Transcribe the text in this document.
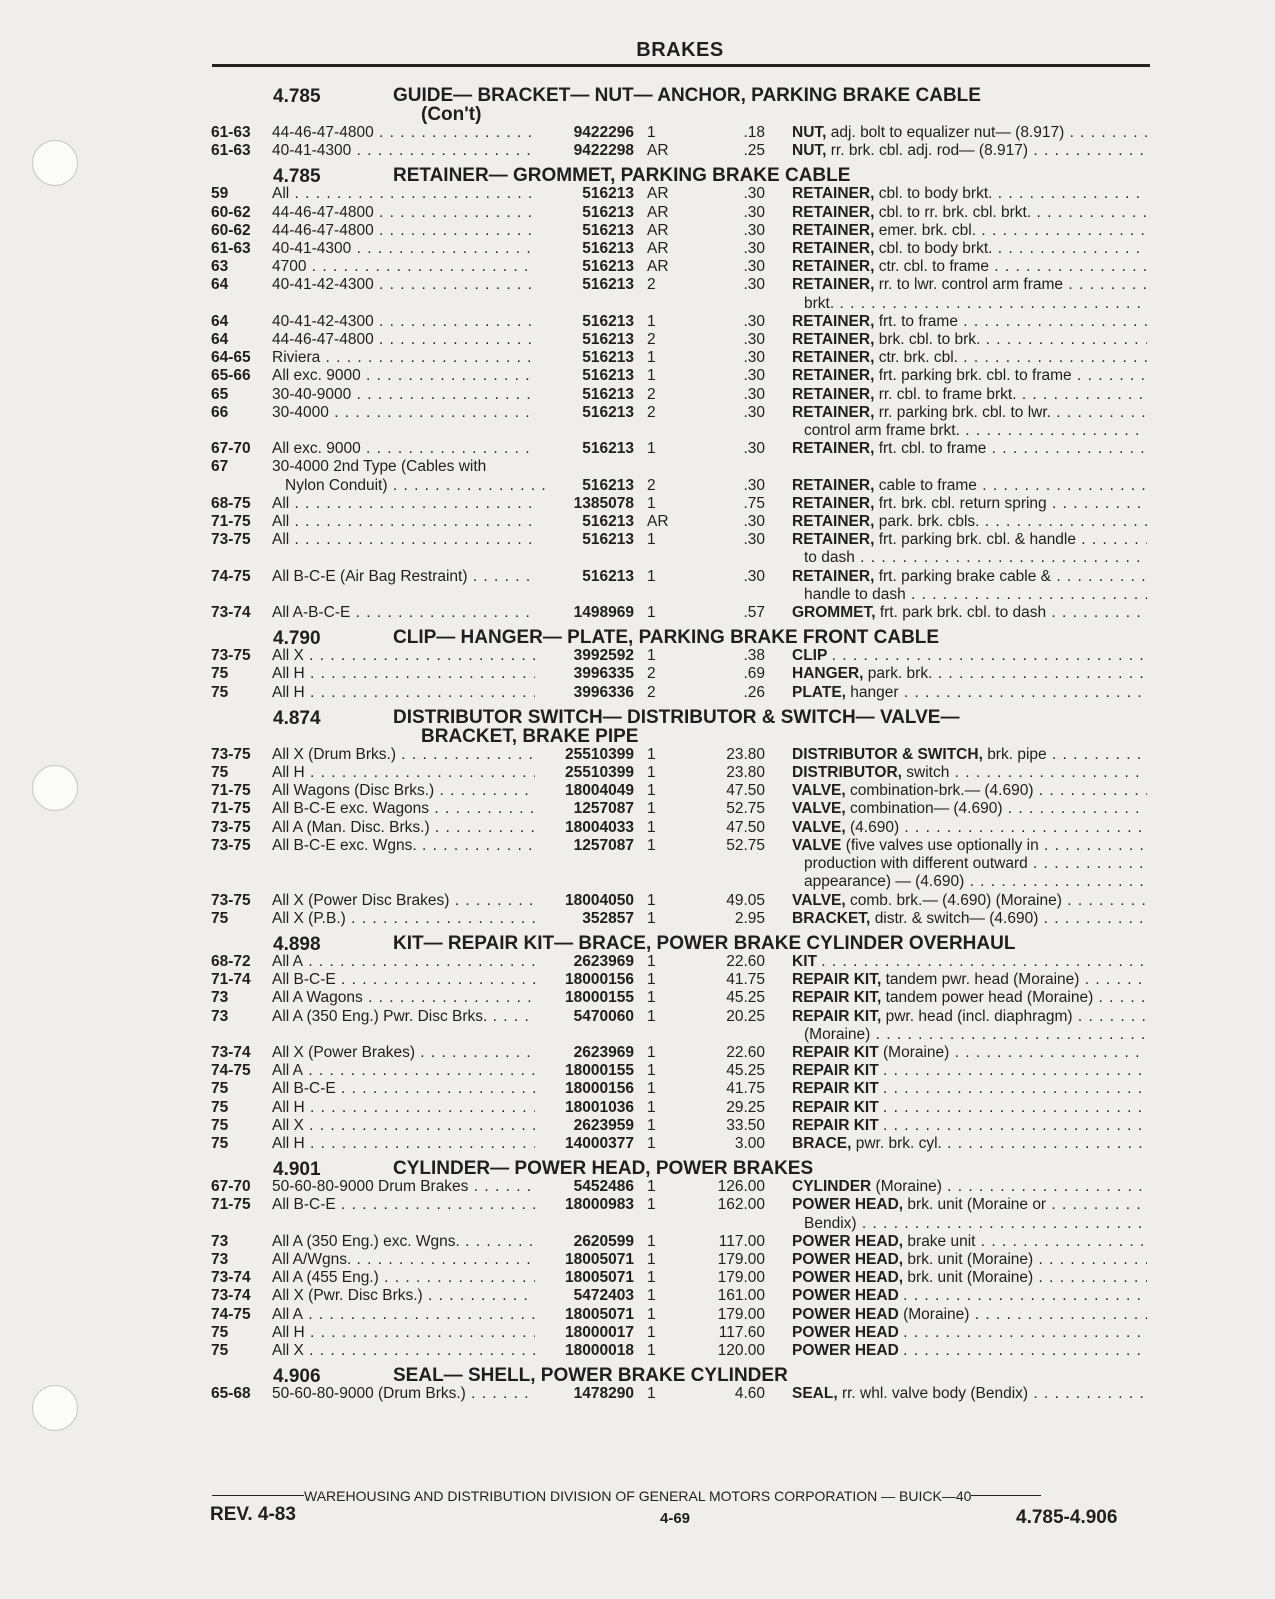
BRAKES
4.785	GUIDE— BRACKET— NUT— ANCHOR, PARKING BRAKE CABLE
(Con't)
61-63	44-46-47-4800 . . .	9422296 1	.18 NUT, adj. bolt to equalizer nut— (8.917) . . .
61-63	40-41-4300 . . .	9422298 AR	.25 NUT, rr. brk. cbl. adj. rod— (8.917) . . .
4.785	RETAINER— GROMMET, PARKING BRAKE CABLE
59	All . . .	516213 AR	.30 RETAINER, cbl. to body brkt. . . .
60-62	44-46-47-4800 . . .	516213 AR	.30 RETAINER, cbl. to rr. brk. cbl. brkt. . . .
60-62	44-46-47-4800 . . .	516213 AR	.30 RETAINER, emer. brk. cbl. . . .
61-63	40-41-4300 . . .	516213 AR	.30 RETAINER, cbl. to body brkt. . . .
63	4700 . . .	516213 AR	.30 RETAINER, ctr. cbl. to frame . . .
64	40-41-42-4300 . . .	516213 2	.30 RETAINER, rr. to lwr. control arm frame . . .
brkt. . . .
64	40-41-42-4300 . . .	516213 1	.30 RETAINER, frt. to frame . . .
64	44-46-47-4800 . . .	516213 2	.30 RETAINER, brk. cbl. to brk. . . .
64-65	Riviera . . .	516213 1	.30 RETAINER, ctr. brk. cbl. . . .
65-66	All exc. 9000 . . .	516213 1	.30 RETAINER, frt. parking brk. cbl. to frame . . .
65	30-40-9000 . . .	516213 2	.30 RETAINER, rr. cbl. to frame brkt. . . .
66	30-4000 . . .	516213 2	.30 RETAINER, rr. parking brk. cbl. to lwr. . . .
control arm frame brkt. . . .
67-70	All exc. 9000 . . .	516213 1	.30 RETAINER, frt. cbl. to frame . . .
67	30-4000 2nd Type (Cables with
Nylon Conduit) . . .	516213 2	.30 RETAINER, cable to frame . . .
68-75	All . . .	1385078 1	.75 RETAINER, frt. brk. cbl. return spring . . .
71-75	All . . .	516213 AR	.30 RETAINER, park. brk. cbls. . . .
73-75	All . . .	516213 1	.30 RETAINER, frt. parking brk. cbl. & handle . . .
to dash . . .
74-75	All B-C-E (Air Bag Restraint) . . .	516213 1	.30 RETAINER, frt. parking brake cable & . . .
handle to dash . . .
73-74	All A-B-C-E . . .	1498969 1	.57 GROMMET, frt. park brk. cbl. to dash . . .
4.790	CLIP— HANGER— PLATE, PARKING BRAKE FRONT CABLE
73-75	All X . . .	3992592 1	.38 CLIP . . .
75	All H . . .	3996335 2	.69 HANGER, park. brk. . . .
75	All H . . .	3996336 2	.26 PLATE, hanger . . .
4.874	DISTRIBUTOR SWITCH— DISTRIBUTOR & SWITCH— VALVE—
BRACKET, BRAKE PIPE
73-75	All X (Drum Brks.) . . .	25510399 1	23.80 DISTRIBUTOR & SWITCH, brk. pipe . . .
75	All H . . .	25510399 1	23.80 DISTRIBUTOR, switch . . .
71-75	All Wagons (Disc Brks.) . . .	18004049 1	47.50 VALVE, combination-brk.— (4.690) . . .
71-75	All B-C-E exc. Wagons . . .	1257087 1	52.75 VALVE, combination— (4.690) . . .
73-75	All A (Man. Disc. Brks.) . . .	18004033 1	47.50 VALVE, (4.690) . . .
73-75	All B-C-E exc. Wgns. . . .	1257087 1	52.75 VALVE (five valves use optionally in . . .
production with different outward . . .
appearance) — (4.690) . . .
73-75	All X (Power Disc Brakes) . . .	18004050 1	49.05 VALVE, comb. brk.— (4.690) (Moraine) . . .
75	All X (P.B.) . . .	352857 1	2.95 BRACKET, distr. & switch— (4.690) . . .
4.898	KIT— REPAIR KIT— BRACE, POWER BRAKE CYLINDER OVERHAUL
68-72	All A . . .	2623969 1	22.60 KIT . . .
71-74	All B-C-E . . .	18000156 1	41.75 REPAIR KIT, tandem pwr. head (Moraine) . . .
73	All A Wagons . . .	18000155 1	45.25 REPAIR KIT, tandem power head (Moraine) . . .
73	All A (350 Eng.) Pwr. Disc Brks. . . .	5470060 1	20.25 REPAIR KIT, pwr. head (incl. diaphragm) . . .
(Moraine) . . .
73-74	All X (Power Brakes) . . .	2623969 1	22.60 REPAIR KIT (Moraine) . . .
74-75	All A . . .	18000155 1	45.25 REPAIR KIT . . .
75	All B-C-E . . .	18000156 1	41.75 REPAIR KIT . . .
75	All H . . .	18001036 1	29.25 REPAIR KIT . . .
75	All X . . .	2623959 1	33.50 REPAIR KIT . . .
75	All H . . .	14000377 1	3.00 BRACE, pwr. brk. cyl. . . .
4.901	CYLINDER— POWER HEAD, POWER BRAKES
67-70	50-60-80-9000 Drum Brakes . . .	5452486 1	126.00 CYLINDER (Moraine) . . .
71-75	All B-C-E . . .	18000983 1	162.00 POWER HEAD, brk. unit (Moraine or . . .
Bendix) . . .
73	All A (350 Eng.) exc. Wgns. . . .	2620599 1	117.00 POWER HEAD, brake unit . . .
73	All A/Wgns. . . .	18005071 1	179.00 POWER HEAD, brk. unit (Moraine) . . .
73-74	All A (455 Eng.) . . .	18005071 1	179.00 POWER HEAD, brk. unit (Moraine) . . .
73-74	All X (Pwr. Disc Brks.) . . .	5472403 1	161.00 POWER HEAD . . .
74-75	All A . . .	18005071 1	179.00 POWER HEAD (Moraine) . . .
75	All H . . .	18000017 1	117.60 POWER HEAD . . .
75	All X . . .	18000018 1	120.00 POWER HEAD . . .
4.906	SEAL— SHELL, POWER BRAKE CYLINDER
65-68	50-60-80-9000 (Drum Brks.) . . .	1478290 1	4.60 SEAL, rr. whl. valve body (Bendix) . . .
WAREHOUSING AND DISTRIBUTION DIVISION OF GENERAL MOTORS CORPORATION — BUICK—40
REV. 4-83	4-69	4.785-4.906
